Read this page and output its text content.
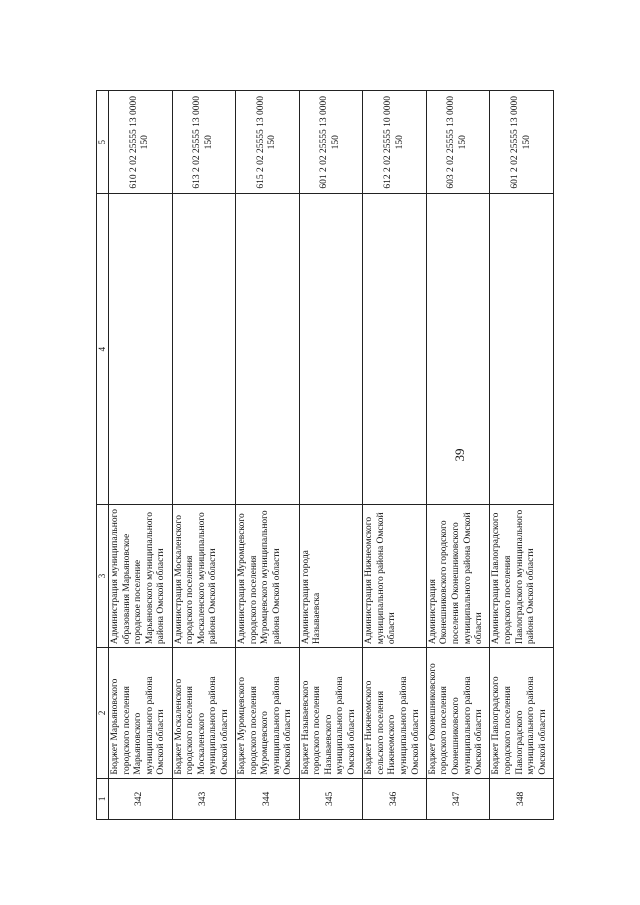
39
1	2	3	4	5
342	Бюджет Марьяновского городского поселения Марьяновского муниципального района Омской области	Администрация муниципального образования Марьяновское городское поселение Марьяновского муниципального района Омской области		610 2 02 25555 13 0000 150
343	Бюджет Москаленского городского поселения Москаленского муниципального района Омской области	Администрация Москаленского городского поселения Москаленского муниципального района Омской области		613 2 02 25555 13 0000 150
344	Бюджет Муромцевского городского поселения Муромцевского муниципального района Омской области	Администрация Муромцевского городского поселения Муромцевского муниципального района Омской области		615 2 02 25555 13 0000 150
345	Бюджет Называевского городского поселения Называевского муниципального района Омской области	Администрация города Называевска		601 2 02 25555 13 0000 150
346	Бюджет Нижнеомского сельского поселения Нижнеомского муниципального района Омской области	Администрация Нижнеомского муниципального района Омской области		612 2 02 25555 10 0000 150
347	Бюджет Оконешниковского городского поселения Оконешниковского муниципального района Омской области	Администрация Оконешниковского городского поселения Оконешниковского муниципального района Омской области		603 2 02 25555 13 0000 150
348	Бюджет Павлоградского городского поселения Павлоградского муниципального района Омской области	Администрация Павлоградского городского поселения Павлоградского муниципального района Омской области		601 2 02 25555 13 0000 150
